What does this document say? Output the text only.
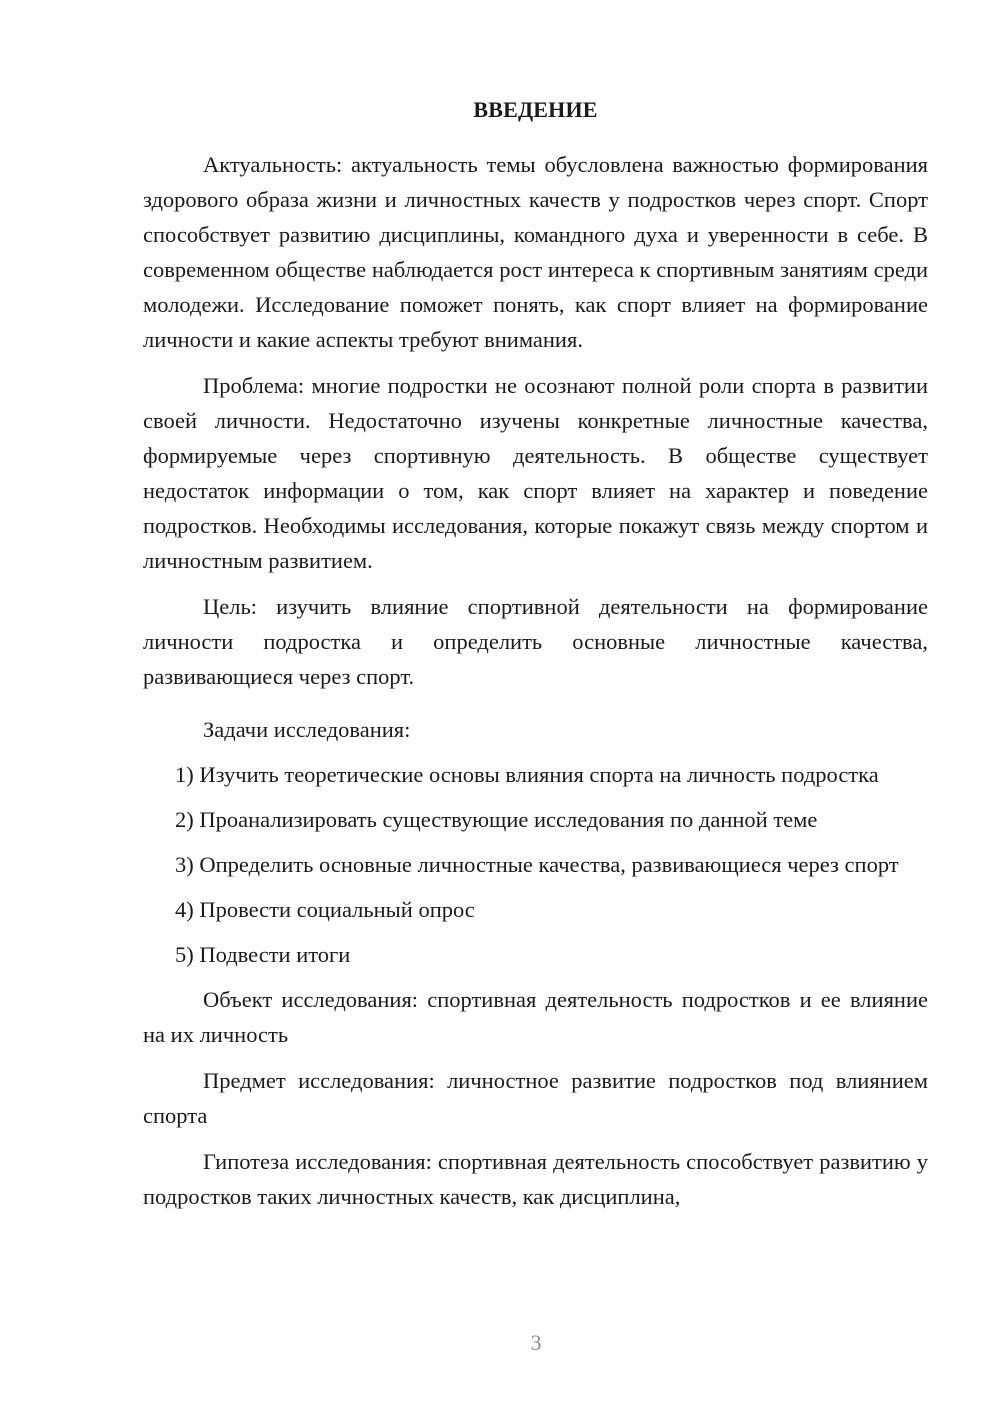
ВВЕДЕНИЕ

Актуальность: актуальность темы обусловлена важностью формирования здорового образа жизни и личностных качеств у подростков через спорт. Спорт способствует развитию дисциплины, командного духа и уверенности в себе. В современном обществе наблюдается рост интереса к спортивным занятиям среди молодежи. Исследование поможет понять, как спорт влияет на формирование личности и какие аспекты требуют внимания.

Проблема: многие подростки не осознают полной роли спорта в развитии своей личности. Недостаточно изучены конкретные личностные качества, формируемые через спортивную деятельность. В обществе существует недостаток информации о том, как спорт влияет на характер и поведение подростков. Необходимы исследования, которые покажут связь между спортом и личностным развитием.

Цель: изучить влияние спортивной деятельности на формирование личности подростка и определить основные личностные качества, развивающиеся через спорт.

Задачи исследования:

1) Изучить теоретические основы влияния спорта на личность подростка

2) Проанализировать существующие исследования по данной теме

3) Определить основные личностные качества, развивающиеся через спорт

4) Провести социальный опрос

5) Подвести итоги

Объект исследования: спортивная деятельность подростков и ее влияние на их личность

Предмет исследования: личностное развитие подростков под влиянием спорта

Гипотеза исследования: спортивная деятельность способствует развитию у подростков таких личностных качеств, как дисциплина,

3
